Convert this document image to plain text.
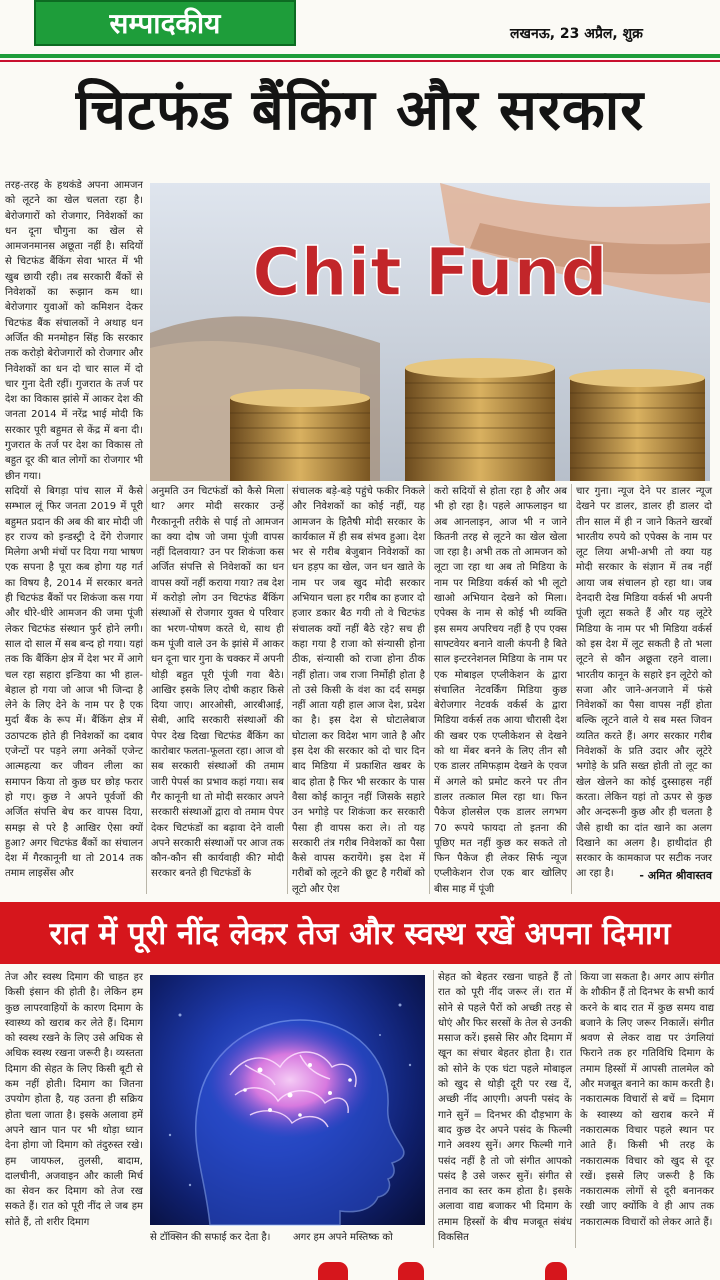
सम्पादकीय	लखनऊ, 23 अप्रैल, शुक्र
चिटफंड बैंकिंग और सरकार

तरह-तरह के हथकंडे अपना आमजन को लूटने का खेल चलता रहा है। बेरोजगारों को रोजगार, निवेशकों का धन दूना चौगुना का खेल से आमजनमानस अछूता नहीं है। सदियों से चिटफंड बैंकिंग सेवा भारत में भी खुब छायी रही। तब सरकारी बैंकों से निवेशकों का रूझान कम था। बेरोजगार युवाओं को कमिशन देकर चिटफंड बैंक संचालकों ने अथाह धन अर्जित की मनमोहन सिंह कि सरकार तक करोड़ो बेरोजगारों को रोजगार और निवेशकों का धन दो चार साल में दो चार गुना देती रहीं। गुजरात के तर्ज पर देश का विकास झांसे में आकर देश की जनता 2014 में नरेंद्र भाई मोदी कि सरकार पूरी बहुमत से केंद्र में बना दी। गुजरात के तर्ज पर देश का विकास तो बहुत दूर की बात लोगों का रोजगार भी छीन गया।

Chit Fund

सदियों से बिगड़ा पांच साल में कैसे सम्भाल लूं फिर जनता 2019 में पूरी बहुमत प्रदान की अब की बार मोदी जी हर राज्य को इन्डस्ट्री दे देंगे रोजगार मिलेगा अभी मंचों पर दिया गया भाषण एक सपना है पूरा कब होगा यह गर्त का विषय है, 2014 में सरकार बनते ही चिटफंड बैंकों पर शिकंजा कस गया और धीरे-धीरे आमजन की जमा पूंजी लेकर चिटफंड संस्थान फुर्र होने लगी। साल दो साल में सब बन्द हो गया। यहां तक कि बैंकिंग क्षेत्र में देश भर में आगे चल रहा सहारा इन्डिया का भी हाल-बेहाल हो गया जो आज भी जिन्दा है लेने के लिए देने के नाम पर है एक मुर्दा बैंक के रूप में। बैंकिंग क्षेत्र में उठापटक होते ही निवेशकों का दबाव एजेन्टों पर पड़ने लगा अनेकों एजेन्ट आत्महत्या कर जीवन लीला का समापन किया तो कुछ घर छोड़ फरार हो गए। कुछ ने अपने पूर्वजों की अर्जित संपत्ति बेच कर वापस दिया, समझ से परे है आखिर ऐसा क्यों हुआ? अगर चिटफंड बैंकों का संचालन देश में गैरकानूनी था तो 2014 तक तमाम लाइसेंस और

अनुमति उन चिटफंडों को कैसे मिला था? अगर मोदी सरकार उन्हें गैरकानूनी तरीके से पाई तो आमजन का क्या दोष जो जमा पूंजी वापस नहीं दिलवाया? उन पर शिकंजा कस अर्जित संपत्ति से निवेशकों का धन वापस क्यों नहीं कराया गया? तब देश में करोड़ो लोग उन चिटफंड बैंकिंग संस्थाओं से रोजगार युक्त थे परिवार का भरण-पोषण करते थे, साथ ही कम पूंजी वाले उन के झांसे में आकर धन दूना चार गुना के चक्कर में अपनी थोड़ी बहुत पूरी पूंजी गवा बैठे। आखिर इसके लिए दोषी कहार किसे दिया जाए। आरओसी, आरबीआई, सेबी, आदि सरकारी संस्थाओं की पेपर देख दिखा चिटफंड बैंकिंग का कारोबार फलता-फूलता रहा। आज वो सब सरकारी संस्थाओं की तमाम जारी पेपर्स का प्रभाव कहां गया। सब गैर कानूनी था तो मोदी सरकार अपने सरकारी संस्थाओं द्वारा वो तमाम पेपर देकर चिटफंडों का बढ़ावा देने वाली अपने सरकारी संस्थाओं पर आज तक कौन-कौन सी कार्यवाही की? मोदी सरकार बनते ही चिटफंडों के

संचालक बड़े-बड़े पहुंचे फकीर निकले और निवेशकों का कोई नहीं, यह आमजन के हितैषी मोदी सरकार के कार्यकाल में ही सब संभव हुआ। देश भर से गरीब बेजुबान निवेशकों का धन हड़प का खेल, जन धन खाते के नाम पर जब खुद मोदी सरकार अभियान चला हर गरीब का हजार दो हजार डकार बैठ गयी तो वे चिटफंड संचालक क्यों नहीं बैठे रहे? सच ही कहा गया है राजा को संन्यासी होना ठीक, संन्यासी को राजा होना ठीक नहीं होता। जब राजा निर्मोही होता है तो उसे किसी के वंश का दर्द समझ नहीं आता यही हाल आज देश, प्रदेश का है। इस देश से घोटालेबाज घोटाला कर विदेश भाग जाते है और इस देश की सरकार को दो चार दिन बाद मिडिया में प्रकाशित खबर के बाद होता है फिर भी सरकार के पास वैसा कोई कानून नहीं जिसके सहारे उन भगोड़े पर शिकंजा कर सरकारी पैसा ही वापस करा ले। तो यह सरकारी तंत्र गरीब निवेशकों का पैसा कैसे वापस करायेंगे। इस देश में गरीबों को लूटने की छूट है गरीबों को लूटो और ऐश

करो सदियों से होता रहा है और अब भी हो रहा है। पहले आफलाइन था अब आनलाइन, आज भी न जाने कितनी तरह से लूटने का खेल खेला जा रहा है। अभी तक तो आमजन को लूटा जा रहा था अब तो मिडिया के नाम पर मिडिया वर्कर्स को भी लूटो खाओ अभियान देखने को मिला। एपेक्स के नाम से कोई भी व्यक्ति इस समय अपरिचय नहीं है एप एक्स साफ्टवेयर बनाने वाली कंपनी है बिते साल इन्टरनेशनल मिडिया के नाम पर एक मोबाइल एप्लीकेशन के द्वारा संचालित नेटवर्किंग मिडिया कुछ बेरोजगार नेटवर्क वर्कर्स के द्वारा मिडिया वर्कर्स तक आया चौरासी देश की खबर एक एप्लीकेशन से देखने को था मेंबर बनने के लिए तीन सौ एक डालर तमिफड़ाम देखने के एवज में अगले को प्रमोट करने पर तीन डालर तत्काल मिल रहा था। फिन पैकेज होलसेल एक डालर लगभग 70 रूपये फायदा तो इतना की पूछिए मत नहीं कुछ कर सकते तो फिन पैकेज ही लेकर सिर्फ न्यूज एप्लीकेशन रोज एक बार खोलिए बीस माह में पूंजी

चार गुना। न्यूज देने पर डालर न्यूज देखने पर डालर, डालर ही डालर दो तीन साल में ही न जाने कितने खरबों भारतीय रुपये को एपेक्स के नाम पर लूट लिया अभी-अभी तो क्या यह मोदी सरकार के संज्ञान में तब नहीं आया जब संचालन हो रहा था। जब देनदारी देख मिडिया वर्कर्स भी अपनी पूंजी लूटा सकते हैं और यह लूटेरे मिडिया के नाम पर भी मिडिया वर्कर्स को इस देश में लूट सकती है तो भला लूटने से कौन अछूता रहने वाला। भारतीय कानून के सहारे इन लूटेरो को सजा और जाने-अनजाने में फंसे निवेशकों का पैसा वापस नहीं होता बल्कि लूटने वाले ये सब मस्त जिवन व्यतित करते हैं। अगर सरकार गरीब निवेशकों के प्रति उदार और लूटेरे भगोड़े के प्रति सख्त होती तो लूट का खेल खेलने का कोई दुस्साहस नहीं करता। लेकिन यहां तो ऊपर से कुछ और अन्दरूनी कुछ और ही चलता है जैसे हाथी का दांत खाने का अलग दिखाने का अलग है। हाथीदांत ही सरकार के कामकाज पर सटीक नजर आ रहा है।	- अमित श्रीवास्तव
रात में पूरी नींद लेकर तेज और स्वस्थ रखें अपना दिमाग

तेज और स्वस्थ दिमाग की चाहत हर किसी इंसान की होती है। लेकिन हम कुछ लापरवाहियों के कारण दिमाग के स्वास्थ्य को खराब कर लेते हैं। दिमाग को स्वस्थ रखने के लिए उसे अधिक से अधिक स्वस्थ रखना जरूरी है। व्यस्तता दिमाग की सेहत के लिए किसी बूटी से कम नहीं होती। दिमाग का जितना उपयोग होता है, यह उतना ही सक्रिय होता चला जाता है। इसके अलावा हमें अपने खान पान पर भी थोड़ा ध्यान देना होगा जो दिमाग को तंदुरुस्त रखे। हम जायफल, तुलसी, बादाम, दालचीनी, अजवाइन और काली मिर्च का सेवन कर दिमाग को तेज रख सकते हैं। रात को पूरी नींद ले जब हम सोते हैं, तो शरीर दिमाग

से टॉक्सिन की सफाई कर देता है। अगर हम अपने मस्तिष्क को

सेहत को बेहतर रखना चाहते हैं तो रात को पूरी नींद जरूर लें। रात में सोने से पहले पैरों को अच्छी तरह से धोएं और फिर सरसों के तेल से उनकी मसाज करें। इससे सिर और दिमाग में खून का संचार बेहतर होता है। रात को सोने के एक घंटा पहले मोबाइल को खुद से थोड़ी दूरी पर रख दें, अच्छी नींद आएगी। अपनी पसंद के गाने सुनें = दिनभर की दौड़भाग के बाद कुछ देर अपने पसंद के फिल्मी गाने अवश्य सुनें। अगर फिल्मी गाने पसंद नहीं है तो जो संगीत आपको पसंद है उसे जरूर सुनें। संगीत से तनाव का स्तर कम होता है। इसके अलावा वाद्य बजाकर भी दिमाग के तमाम हिस्सों के बीच मजबूत संबंध विकसित

किया जा सकता है। अगर आप संगीत के शौकीन हैं तो दिनभर के सभी कार्य करने के बाद रात में कुछ समय वाद्य बजाने के लिए जरूर निकालें। संगीत श्रवण से लेकर वाद्य पर उंगलियां फिराने तक हर गतिविधि दिमाग के तमाम हिस्सों में आपसी तालमेल को और मजबूत बनाने का काम करती है। नकारात्मक विचारों से बचें = दिमाग के स्वास्थ्य को खराब करने में नकारात्मक विचार पहले स्थान पर आते हैं। किसी भी तरह के नकारात्मक विचार को खुद से दूर रखें। इससे लिए जरूरी है कि नकारात्मक लोगों से दूरी बनानकर रखी जाए क्योंकि वे ही आप तक नकारात्मक विचारों को लेकर आते हैं।
